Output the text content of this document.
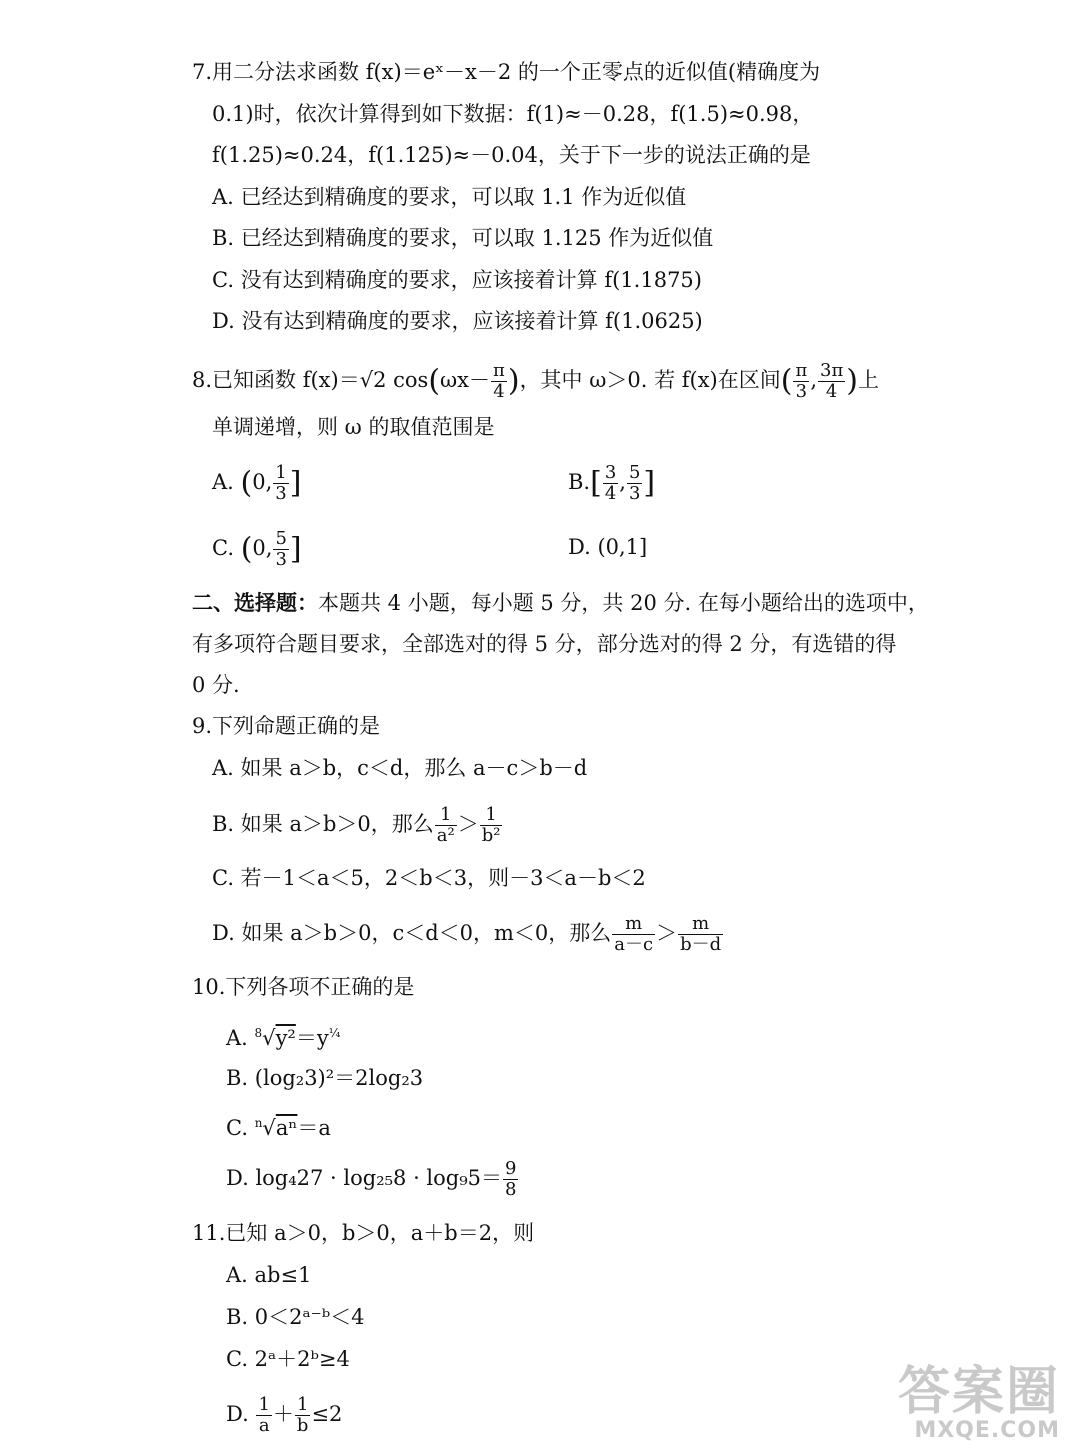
7.用二分法求函数 f(x)＝eˣ－x－2 的一个正零点的近似值(精确度为
0.1)时，依次计算得到如下数据：f(1)≈－0.28，f(1.5)≈0.98，
f(1.25)≈0.24，f(1.125)≈－0.04，关于下一步的说法正确的是
A. 已经达到精确度的要求，可以取 1.1 作为近似值
B. 已经达到精确度的要求，可以取 1.125 作为近似值
C. 没有达到精确度的要求，应该接着计算 f(1.1875)
D. 没有达到精确度的要求，应该接着计算 f(1.0625)
8.已知函数 f(x)＝√2 $\cos(\omega x- \frac{\pi}{4}$ )，其中 ω＞0. 若 f(x)在区间( $\frac{\pi}{3}$ , $\frac{3\pi}{4}$ )上
单调递增，则 ω 的取值范围是
A. (0, $\frac{1}{3}$ ]	$B.[ \frac{3}{4}$ , $\frac{5}{3}$ ]
C. (0, $\frac{5}{3}$ ]	D. (0,1]
二、选择题：本题共 4 小题，每小题 5 分，共 20 分. 在每小题给出的选项中，
有多项符合题目要求，全部选对的得 5 分，部分选对的得 2 分，有选错的得
0 分.
9.下列命题正确的是
A. 如果 a＞b，c＜d，那么 a－c＞b－d
B. 如果 a＞b＞0，那么 $\frac{1}{\text{a²}} > \frac{1}{\text{b²}}$
C. 若－1＜a＜5，2＜b＜3，则－3＜a－b＜2
D. 如果 a＞b＞0，c＜d＜0，m＜0，那么 $\frac{m}{a-c} > \frac{m}{b-d}$
10.下列各项不正确的是
A. $^8√y^2=y^{\frac{1}{4}}$
B. (log₂3)²＝2log₂3
C. $^n$√aⁿ＝a
D. $\log_427 \cdot \log_{25}8 \cdot \log_95= \frac{9}{8}$
11.已知 a＞0，b＞0，a＋b＝2，则
A. ab≤1
B. 0＜2ᵃ⁻ᵇ＜4
C. 2ᵃ＋2ᵇ≥4
D. $\frac{1}{a} + \frac{1}{b} \le 2$	答案圈
MXQE.COM
